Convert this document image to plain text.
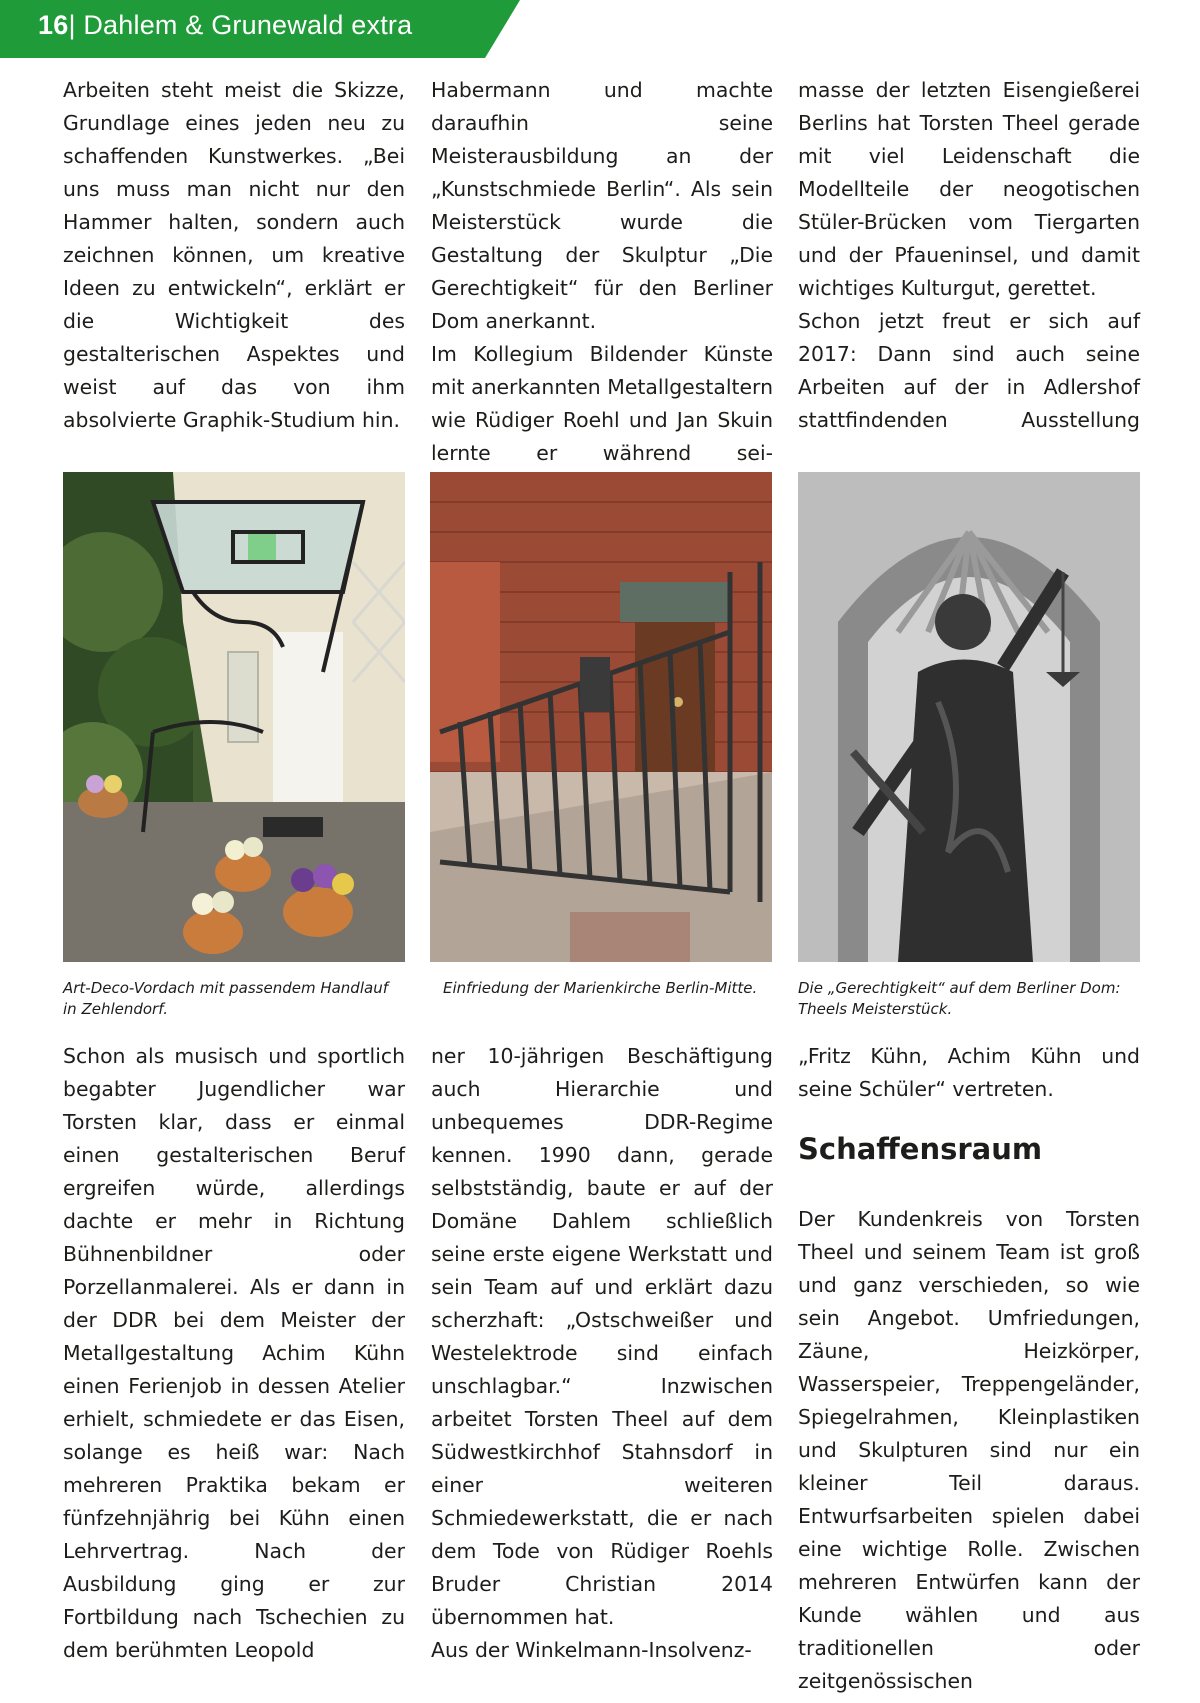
16| Dahlem & Grunewald extra

Arbeiten steht meist die Skizze, Grundlage eines jeden neu zu schaffenden Kunstwerkes. „Bei uns muss man nicht nur den Hammer halten, sondern auch zeichnen können, um kreative Ideen zu entwickeln“, erklärt er die Wichtigkeit des gestalterischen Aspektes und weist auf das von ihm absolvierte Graphik-Studium hin.

Habermann und machte daraufhin seine Meisterausbildung an der „Kunstschmiede Berlin“. Als sein Meisterstück wurde die Gestaltung der Skulptur „Die Gerechtigkeit“ für den Berliner Dom anerkannt.

Im Kollegium Bildender Künste mit anerkannten Metallgestaltern wie Rüdiger Roehl und Jan Skuin lernte er während sei-

masse der letzten Eisengießerei Berlins hat Torsten Theel gerade mit viel Leidenschaft die Modellteile der neogotischen Stüler-Brücken vom Tiergarten und der Pfaueninsel, und damit wichtiges Kulturgut, gerettet.

Schon jetzt freut er sich auf 2017: Dann sind auch seine Arbeiten auf der in Adlershof stattfindenden Ausstellung

Art-Deco-Vordach mit passendem Handlauf in Zehlendorf.
Einfriedung der Marienkirche Berlin-Mitte.	Die „Gerechtigkeit“ auf dem Berliner Dom: Theels Meisterstück.

Schon als musisch und sportlich begabter Jugendlicher war Torsten klar, dass er einmal einen gestalterischen Beruf ergreifen würde, allerdings dachte er mehr in Richtung Bühnenbildner oder Porzellanmalerei. Als er dann in der DDR bei dem Meister der Metallgestaltung Achim Kühn einen Ferienjob in dessen Atelier erhielt, schmiedete er das Eisen, solange es heiß war: Nach mehreren Praktika bekam er fünfzehnjährig bei Kühn einen Lehrvertrag. Nach der Ausbildung ging er zur Fortbildung nach Tschechien zu dem berühmten Leopold

ner 10-jährigen Beschäftigung auch Hierarchie und unbequemes DDR-Regime kennen. 1990 dann, gerade selbstständig, baute er auf der Domäne Dahlem schließlich seine erste eigene Werkstatt und sein Team auf und erklärt dazu scherzhaft: „Ostschweißer und Westelektrode sind einfach unschlagbar.“ Inzwischen arbeitet Torsten Theel auf dem Südwestkirchhof Stahnsdorf in einer weiteren Schmiedewerkstatt, die er nach dem Tode von Rüdiger Roehls Bruder Christian 2014 übernommen hat.

Aus der Winkelmann-Insolvenz-

„Fritz Kühn, Achim Kühn und seine Schüler“ vertreten.

Schaffensraum

Der Kundenkreis von Torsten Theel und seinem Team ist groß und ganz verschieden, so wie sein Angebot. Umfriedungen, Zäune, Heizkörper, Wasserspeier, Treppengeländer, Spiegelrahmen, Kleinplastiken und Skulpturen sind nur ein kleiner Teil daraus. Entwurfsarbeiten spielen dabei eine wichtige Rolle. Zwischen mehreren Entwürfen kann der Kunde wählen und aus traditionellen oder zeitgenössischen
